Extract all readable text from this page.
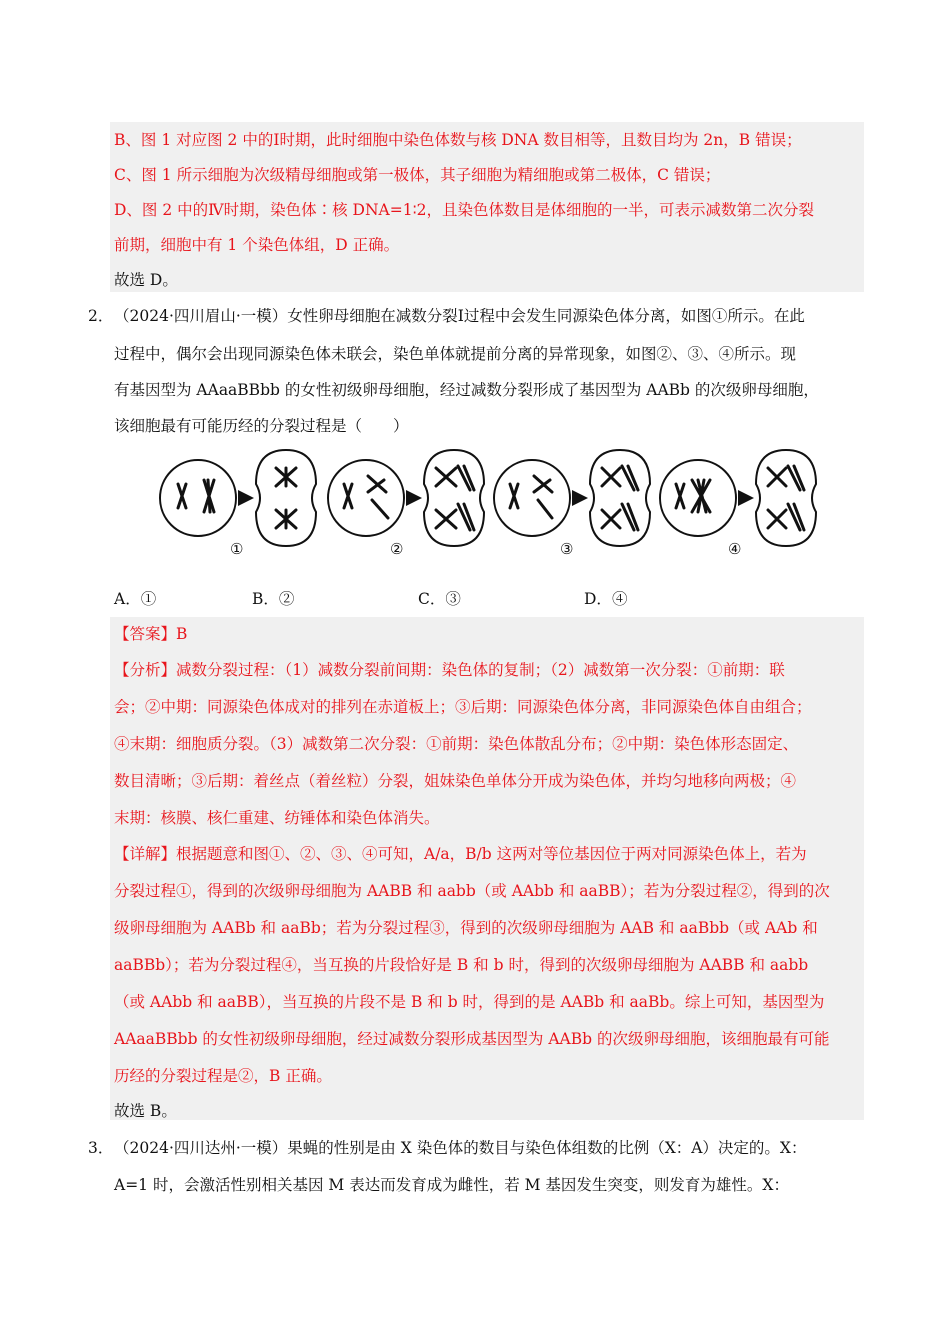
B、图 1 对应图 2 中的Ⅰ时期，此时细胞中染色体数与核 DNA 数目相等，且数目均为 2n，B 错误；
C、图 1 所示细胞为次级精母细胞或第一极体，其子细胞为精细胞或第二极体，C 错误；
D、图 2 中的Ⅳ时期，染色体∶核 DNA=1∶2，且染色体数目是体细胞的一半，可表示减数第二次分裂
前期，细胞中有 1 个染色体组，D 正确。
故选 D。
2． （2024·四川眉山·一模）女性卵母细胞在减数分裂Ⅰ过程中会发生同源染色体分离，如图①所示。在此
过程中，偶尔会出现同源染色体未联会，染色单体就提前分离的异常现象，如图②、③、④所示。现
有基因型为 AAaaBBbb 的女性初级卵母细胞，经过减数分裂形成了基因型为 AABb 的次级卵母细胞，
该细胞最有可能历经的分裂过程是（　　）
①	②	③	④
A．①	B．②	C．③	D．④
【答案】B
【分析】减数分裂过程：（1）减数分裂前间期：染色体的复制；（2）减数第一次分裂：①前期：联
会；②中期：同源染色体成对的排列在赤道板上；③后期：同源染色体分离，非同源染色体自由组合；
④末期：细胞质分裂。（3）减数第二次分裂：①前期：染色体散乱分布；②中期：染色体形态固定、
数目清晰；③后期：着丝点（着丝粒）分裂，姐妹染色单体分开成为染色体，并均匀地移向两极；④
末期：核膜、核仁重建、纺锤体和染色体消失。
【详解】根据题意和图①、②、③、④可知，A/a，B/b 这两对等位基因位于两对同源染色体上，若为
分裂过程①，得到的次级卵母细胞为 AABB 和 aabb（或 AAbb 和 aaBB）；若为分裂过程②，得到的次
级卵母细胞为 AABb 和 aaBb；若为分裂过程③，得到的次级卵母细胞为 AAB 和 aaBbb（或 AAb 和
aaBBb）；若为分裂过程④，当互换的片段恰好是 B 和 b 时，得到的次级卵母细胞为 AABB 和 aabb
（或 AAbb 和 aaBB），当互换的片段不是 B 和 b 时，得到的是 AABb 和 aaBb。综上可知，基因型为
AAaaBBbb 的女性初级卵母细胞，经过减数分裂形成基因型为 AABb 的次级卵母细胞，该细胞最有可能
历经的分裂过程是②，B 正确。
故选 B。
3． （2024·四川达州·一模）果蝇的性别是由 X 染色体的数目与染色体组数的比例（X：A）决定的。X：
A=1 时，会激活性别相关基因 M 表达而发育成为雌性，若 M 基因发生突变，则发育为雄性。X：
